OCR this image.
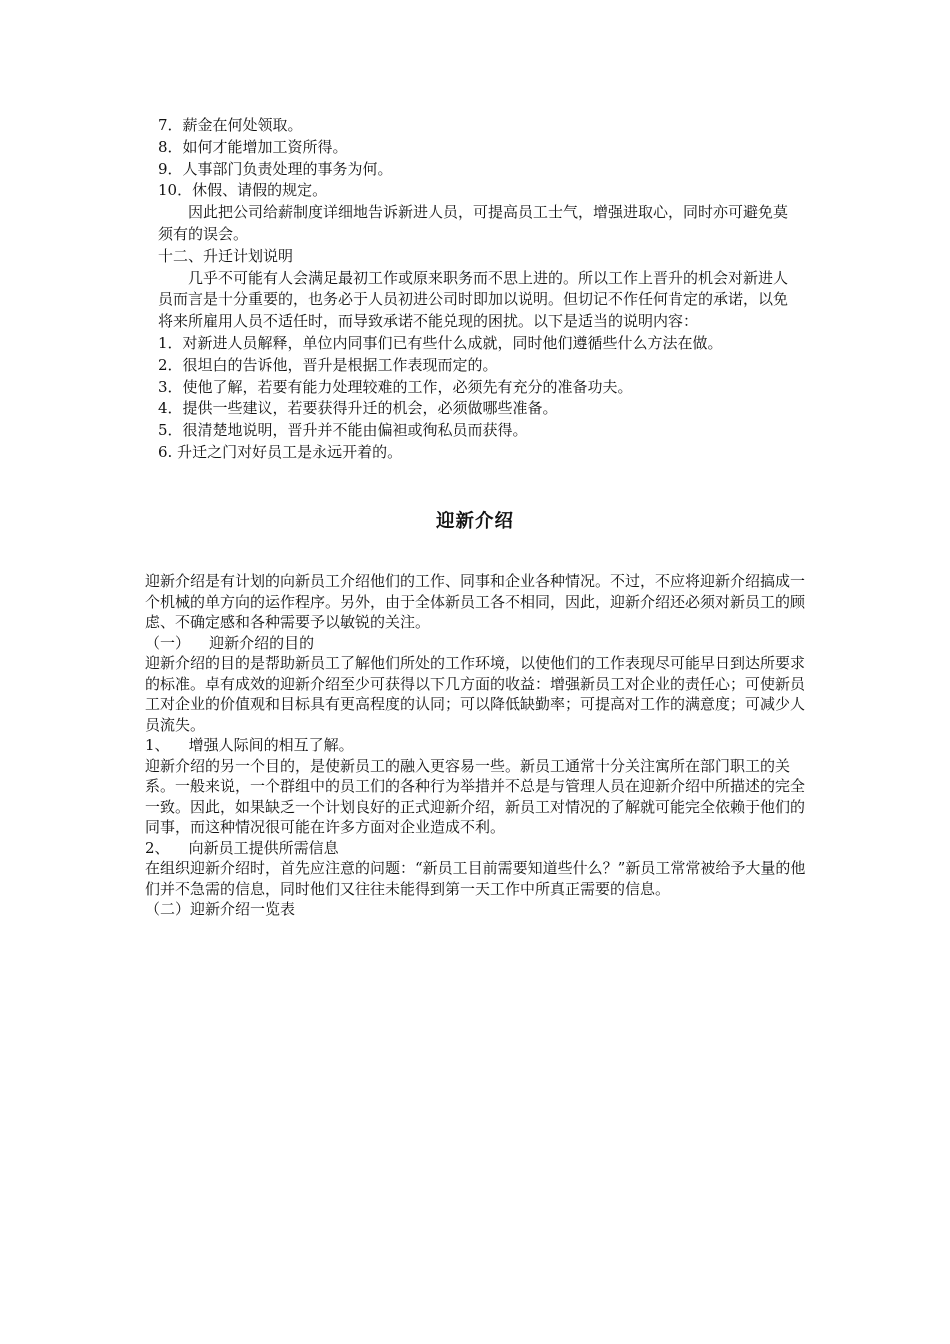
7．薪金在何处领取。

8．如何才能增加工资所得。

9．人事部门负责处理的事务为何。

10．休假、请假的规定。

因此把公司给薪制度详细地告诉新进人员，可提高员工士气，增强进取心，同时亦可避免莫须有的误会。

十二、升迁计划说明

几乎不可能有人会满足最初工作或原来职务而不思上进的。所以工作上晋升的机会对新进人员而言是十分重要的，也务必于人员初进公司时即加以说明。但切记不作任何肯定的承诺，以免将来所雇用人员不适任时，而导致承诺不能兑现的困扰。以下是适当的说明内容：

1．对新进人员解释，单位内同事们已有些什么成就，同时他们遵循些什么方法在做。

2．很坦白的告诉他，晋升是根据工作表现而定的。

3．使他了解，若要有能力处理较难的工作，必须先有充分的准备功夫。

4．提供一些建议，若要获得升迁的机会，必须做哪些准备。

5．很清楚地说明，晋升并不能由偏袒或徇私员而获得。

6. 升迁之门对好员工是永远开着的。

迎新介绍

迎新介绍是有计划的向新员工介绍他们的工作、同事和企业各种情况。不过，不应将迎新介绍搞成一个机械的单方向的运作程序。另外，由于全体新员工各不相同，因此，迎新介绍还必须对新员工的顾虑、不确定感和各种需要予以敏锐的关注。

（一）    迎新介绍的目的

迎新介绍的目的是帮助新员工了解他们所处的工作环境，以使他们的工作表现尽可能早日到达所要求的标准。卓有成效的迎新介绍至少可获得以下几方面的收益：增强新员工对企业的责任心；可使新员工对企业的价值观和目标具有更高程度的认同；可以降低缺勤率；可提高对工作的满意度；可减少人员流失。

1、    增强人际间的相互了解。

迎新介绍的另一个目的，是使新员工的融入更容易一些。新员工通常十分关注寓所在部门职工的关系。一般来说，一个群组中的员工们的各种行为举措并不总是与管理人员在迎新介绍中所描述的完全一致。因此，如果缺乏一个计划良好的正式迎新介绍，新员工对情况的了解就可能完全依赖于他们的同事，而这种情况很可能在许多方面对企业造成不利。

2、    向新员工提供所需信息

在组织迎新介绍时，首先应注意的问题：“新员工目前需要知道些什么？”新员工常常被给予大量的他们并不急需的信息，同时他们又往往未能得到第一天工作中所真正需要的信息。

（二）迎新介绍一览表
